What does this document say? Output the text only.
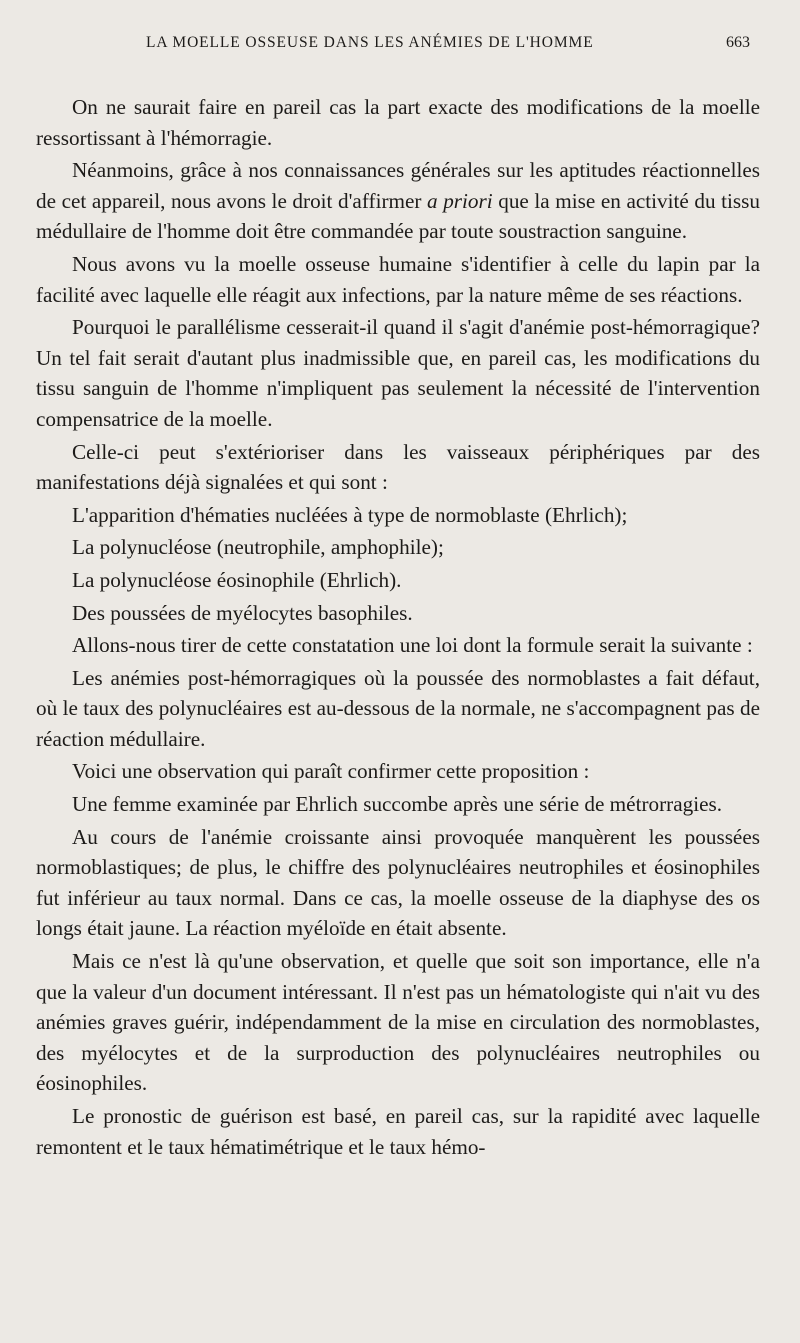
LA MOELLE OSSEUSE DANS LES ANÉMIES DE L'HOMME	663

On ne saurait faire en pareil cas la part exacte des modifications de la moelle ressortissant à l'hémorragie.

Néanmoins, grâce à nos connaissances générales sur les aptitudes réactionnelles de cet appareil, nous avons le droit d'affirmer a priori que la mise en activité du tissu médullaire de l'homme doit être commandée par toute soustraction sanguine.

Nous avons vu la moelle osseuse humaine s'identifier à celle du lapin par la facilité avec laquelle elle réagit aux infections, par la nature même de ses réactions.

Pourquoi le parallélisme cesserait-il quand il s'agit d'anémie post-hémorragique? Un tel fait serait d'autant plus inadmissible que, en pareil cas, les modifications du tissu sanguin de l'homme n'impliquent pas seulement la nécessité de l'intervention compensatrice de la moelle.

Celle-ci peut s'extérioriser dans les vaisseaux périphériques par des manifestations déjà signalées et qui sont :

L'apparition d'hématies nucléées à type de normoblaste (Ehrlich);

La polynucléose (neutrophile, amphophile);

La polynucléose éosinophile (Ehrlich).

Des poussées de myélocytes basophiles.

Allons-nous tirer de cette constatation une loi dont la formule serait la suivante :

Les anémies post-hémorragiques où la poussée des normoblastes a fait défaut, où le taux des polynucléaires est au-dessous de la normale, ne s'accompagnent pas de réaction médullaire.

Voici une observation qui paraît confirmer cette proposition :

Une femme examinée par Ehrlich succombe après une série de métrorragies.

Au cours de l'anémie croissante ainsi provoquée manquèrent les poussées normoblastiques; de plus, le chiffre des polynucléaires neutrophiles et éosinophiles fut inférieur au taux normal. Dans ce cas, la moelle osseuse de la diaphyse des os longs était jaune. La réaction myéloïde en était absente.

Mais ce n'est là qu'une observation, et quelle que soit son importance, elle n'a que la valeur d'un document intéressant. Il n'est pas un hématologiste qui n'ait vu des anémies graves guérir, indépendamment de la mise en circulation des normoblastes, des myélocytes et de la surproduction des polynucléaires neutrophiles ou éosinophiles.

Le pronostic de guérison est basé, en pareil cas, sur la rapidité avec laquelle remontent et le taux hématimétrique et le taux hémo-
